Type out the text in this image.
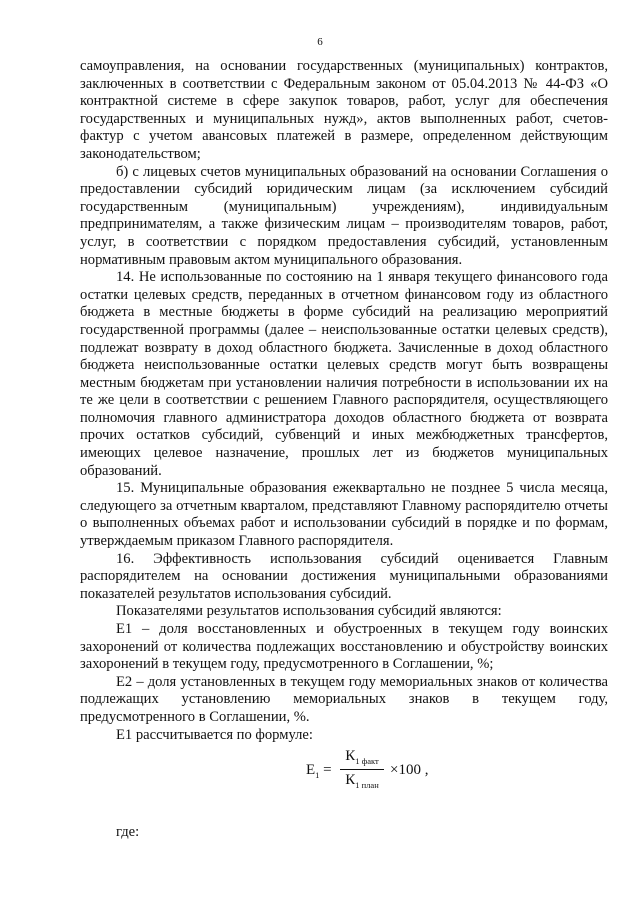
6

самоуправления, на основании государственных (муниципальных) контрактов, заключенных в соответствии с Федеральным законом от 05.04.2013 № 44-ФЗ «О контрактной системе в сфере закупок товаров, работ, услуг для обеспечения государственных и муниципальных нужд», актов выполненных работ, счетов-фактур с учетом авансовых платежей в размере, определенном действующим законодательством;

б) с лицевых счетов муниципальных образований на основании Соглашения о предоставлении субсидий юридическим лицам (за исключением субсидий государственным (муниципальным) учреждениям), индивидуальным предпринимателям, а также физическим лицам – производителям товаров, работ, услуг, в соответствии с порядком предоставления субсидий, установленным нормативным правовым актом муниципального образования.

14. Не использованные по состоянию на 1 января текущего финансового года остатки целевых средств, переданных в отчетном финансовом году из областного бюджета в местные бюджеты в форме субсидий на реализацию мероприятий государственной программы (далее – неиспользованные остатки целевых средств), подлежат возврату в доход областного бюджета. Зачисленные в доход областного бюджета неиспользованные остатки целевых средств могут быть возвращены местным бюджетам при установлении наличия потребности в использовании их на те же цели в соответствии с решением Главного распорядителя, осуществляющего полномочия главного администратора доходов областного бюджета от возврата прочих остатков субсидий, субвенций и иных межбюджетных трансфертов, имеющих целевое назначение, прошлых лет из бюджетов муниципальных образований.

15. Муниципальные образования ежеквартально не позднее 5 числа месяца, следующего за отчетным кварталом, представляют Главному распорядителю отчеты о выполненных объемах работ и использовании субсидий в порядке и по формам, утверждаемым приказом Главного распорядителя.

16. Эффективность использования субсидий оценивается Главным распорядителем на основании достижения муниципальными образованиями показателей результатов использования субсидий.

Показателями результатов использования субсидий являются:

Е1 – доля восстановленных и обустроенных в текущем году воинских захоронений от количества подлежащих восстановлению и обустройству воинских захоронений в текущем году, предусмотренного в Соглашении, %;

Е2 – доля установленных в текущем году мемориальных знаков от количества подлежащих установлению мемориальных знаков в текущем году, предусмотренного в Соглашении, %.

Е1 рассчитывается по формуле:

$Е_1$ =
$К_{1 факт}$
$К_{1 план}$
×100 ,
где:
